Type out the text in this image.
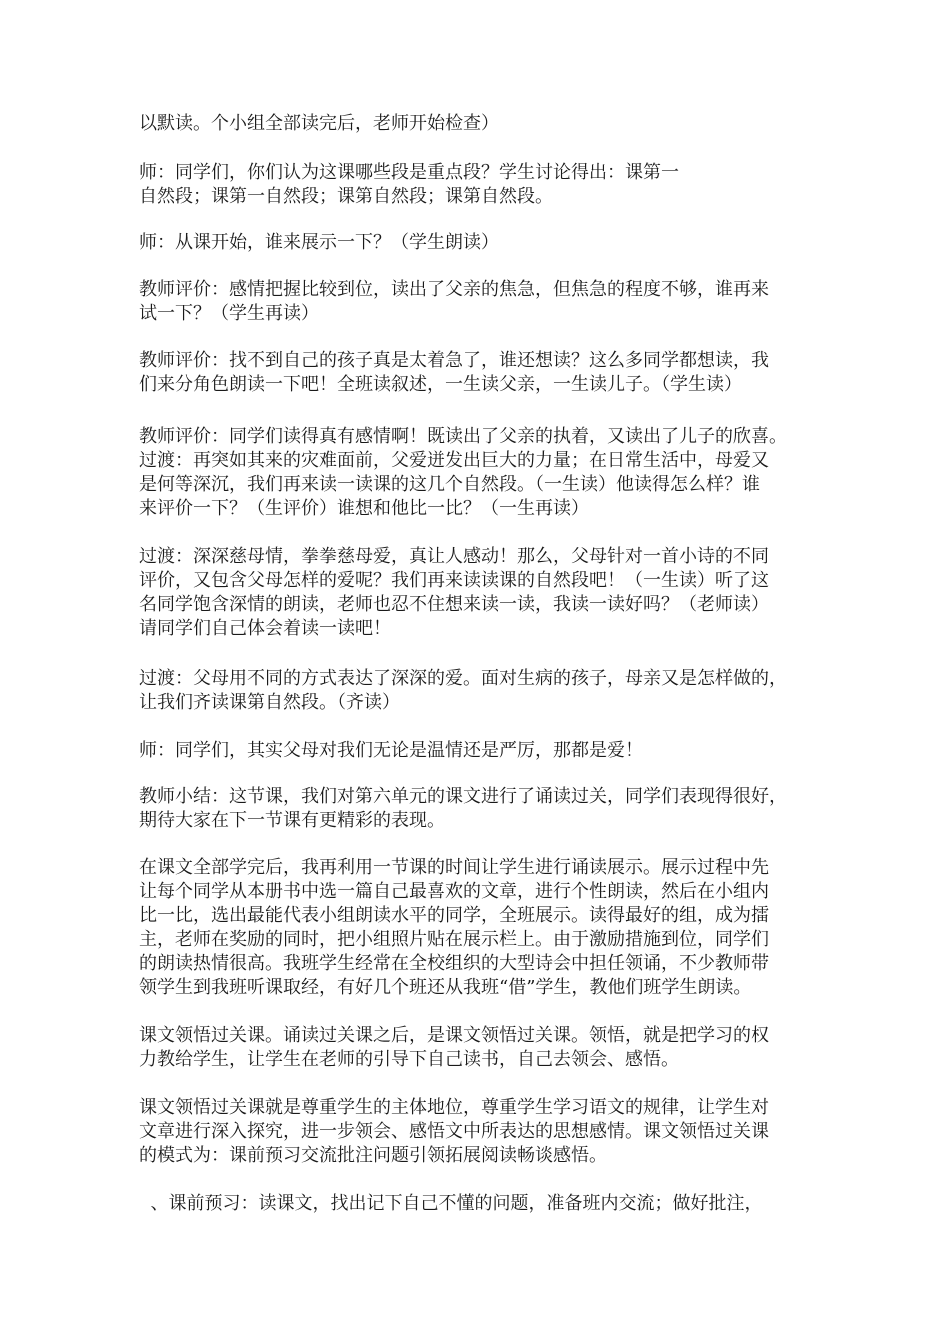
以默读。个小组全部读完后，老师开始检查）
师：同学们，你们认为这课哪些段是重点段？学生讨论得出：课第一
自然段；课第一自然段；课第自然段；课第自然段。
师：从课开始，谁来展示一下？（学生朗读）
教师评价：感情把握比较到位，读出了父亲的焦急，但焦急的程度不够，谁再来
试一下？（学生再读）
教师评价：找不到自己的孩子真是太着急了，谁还想读？这么多同学都想读，我
们来分角色朗读一下吧！全班读叙述，一生读父亲，一生读儿子。（学生读）
教师评价：同学们读得真有感情啊！既读出了父亲的执着，又读出了儿子的欣喜。
过渡：再突如其来的灾难面前，父爱迸发出巨大的力量；在日常生活中，母爱又
是何等深沉，我们再来读一读课的这几个自然段。（一生读）他读得怎么样？谁
来评价一下？（生评价）谁想和他比一比？（一生再读）
过渡：深深慈母情，拳拳慈母爱，真让人感动！那么，父母针对一首小诗的不同
评价，又包含父母怎样的爱呢？我们再来读读课的自然段吧！（一生读）听了这
名同学饱含深情的朗读，老师也忍不住想来读一读，我读一读好吗？（老师读）
请同学们自己体会着读一读吧！
过渡：父母用不同的方式表达了深深的爱。面对生病的孩子，母亲又是怎样做的，
让我们齐读课第自然段。（齐读）
师：同学们，其实父母对我们无论是温情还是严厉，那都是爱！
教师小结：这节课，我们对第六单元的课文进行了诵读过关，同学们表现得很好，
期待大家在下一节课有更精彩的表现。
在课文全部学完后，我再利用一节课的时间让学生进行诵读展示。展示过程中先
让每个同学从本册书中选一篇自己最喜欢的文章，进行个性朗读，然后在小组内
比一比，选出最能代表小组朗读水平的同学，全班展示。读得最好的组，成为擂
主，老师在奖励的同时，把小组照片贴在展示栏上。由于激励措施到位，同学们
的朗读热情很高。我班学生经常在全校组织的大型诗会中担任领诵，不少教师带
领学生到我班听课取经，有好几个班还从我班“借”学生，教他们班学生朗读。
课文领悟过关课。诵读过关课之后，是课文领悟过关课。领悟，就是把学习的权
力教给学生，让学生在老师的引导下自己读书，自己去领会、感悟。
课文领悟过关课就是尊重学生的主体地位，尊重学生学习语文的规律，让学生对
文章进行深入探究，进一步领会、感悟文中所表达的思想感情。课文领悟过关课
的模式为：课前预习交流批注问题引领拓展阅读畅谈感悟。
、课前预习：读课文，找出记下自己不懂的问题，准备班内交流；做好批注，
